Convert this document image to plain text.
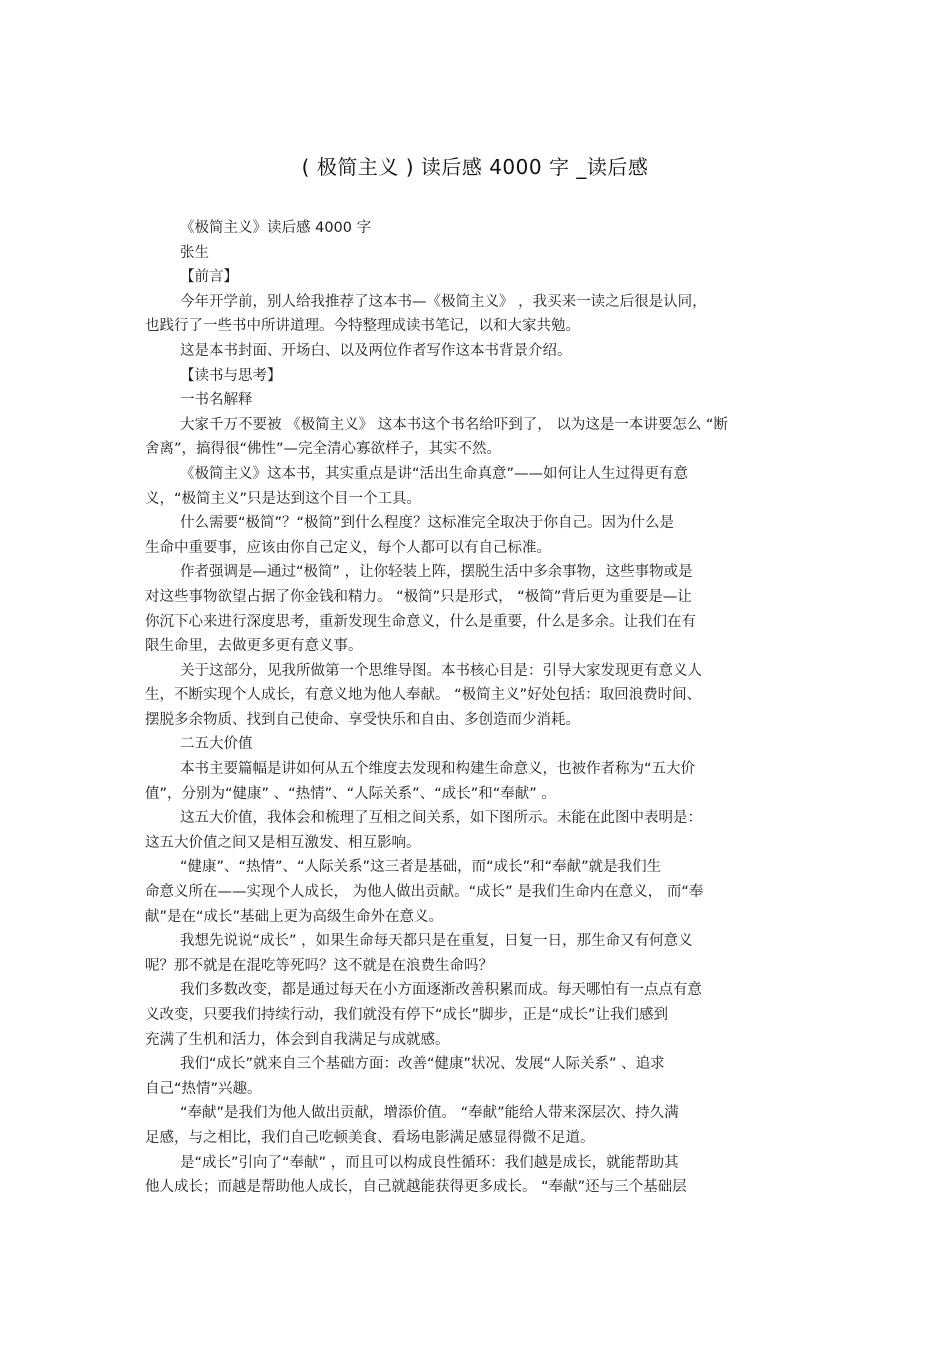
( 极简主义 ) 读后感 4000 字 _读后感
《极简主义》读后感 4000 字
张生
【前言】
今年开学前，别人给我推荐了这本书—《极简主义》 ，我买来一读之后很是认同，
也践行了一些书中所讲道理。今特整理成读书笔记，以和大家共勉。
这是本书封面、开场白、以及两位作者写作这本书背景介绍。
【读书与思考】
一书名解释
大家千万不要被 《极简主义》 这本书这个书名给吓到了， 以为这是一本讲要怎么 “断
舍离”，搞得很“佛性”—完全清心寡欲样子，其实不然。
《极简主义》这本书，其实重点是讲“活出生命真意”——如何让人生过得更有意
义，“极简主义”只是达到这个目一个工具。
什么需要“极简”？“极简”到什么程度？这标准完全取决于你自己。因为什么是
生命中重要事，应该由你自己定义，每个人都可以有自己标准。
作者强调是—通过“极简” ，让你轻装上阵，摆脱生活中多余事物，这些事物或是
对这些事物欲望占据了你金钱和精力。 “极简”只是形式， “极简”背后更为重要是—让
你沉下心来进行深度思考，重新发现生命意义，什么是重要，什么是多余。让我们在有
限生命里，去做更多更有意义事。
关于这部分，见我所做第一个思维导图。本书核心目是：引导大家发现更有意义人
生，不断实现个人成长，有意义地为他人奉献。 “极简主义”好处包括：取回浪费时间、
摆脱多余物质、找到自己使命、享受快乐和自由、多创造而少消耗。
二五大价值
本书主要篇幅是讲如何从五个维度去发现和构建生命意义，也被作者称为“五大价
值”，分别为“健康” 、“热情”、“人际关系”、“成长”和“奉献” 。
这五大价值，我体会和梳理了互相之间关系，如下图所示。未能在此图中表明是：
这五大价值之间又是相互激发、相互影响。
“健康”、“热情”、“人际关系”这三者是基础，而“成长”和“奉献”就是我们生
命意义所在——实现个人成长， 为他人做出贡献。“成长” 是我们生命内在意义， 而“奉
献”是在“成长”基础上更为高级生命外在意义。
我想先说说“成长” ，如果生命每天都只是在重复，日复一日，那生命又有何意义
呢？那不就是在混吃等死吗？这不就是在浪费生命吗？
我们多数改变，都是通过每天在小方面逐渐改善积累而成。每天哪怕有一点点有意
义改变，只要我们持续行动，我们就没有停下“成长”脚步，正是“成长”让我们感到
充满了生机和活力，体会到自我满足与成就感。
我们“成长”就来自三个基础方面：改善“健康”状况、发展“人际关系” 、追求
自己“热情”兴趣。
“奉献”是我们为他人做出贡献，增添价值。 “奉献”能给人带来深层次、持久满
足感，与之相比，我们自己吃顿美食、看场电影满足感显得微不足道。
是“成长”引向了“奉献” ，而且可以构成良性循环：我们越是成长，就能帮助其
他人成长；而越是帮助他人成长，自己就越能获得更多成长。 “奉献”还与三个基础层
